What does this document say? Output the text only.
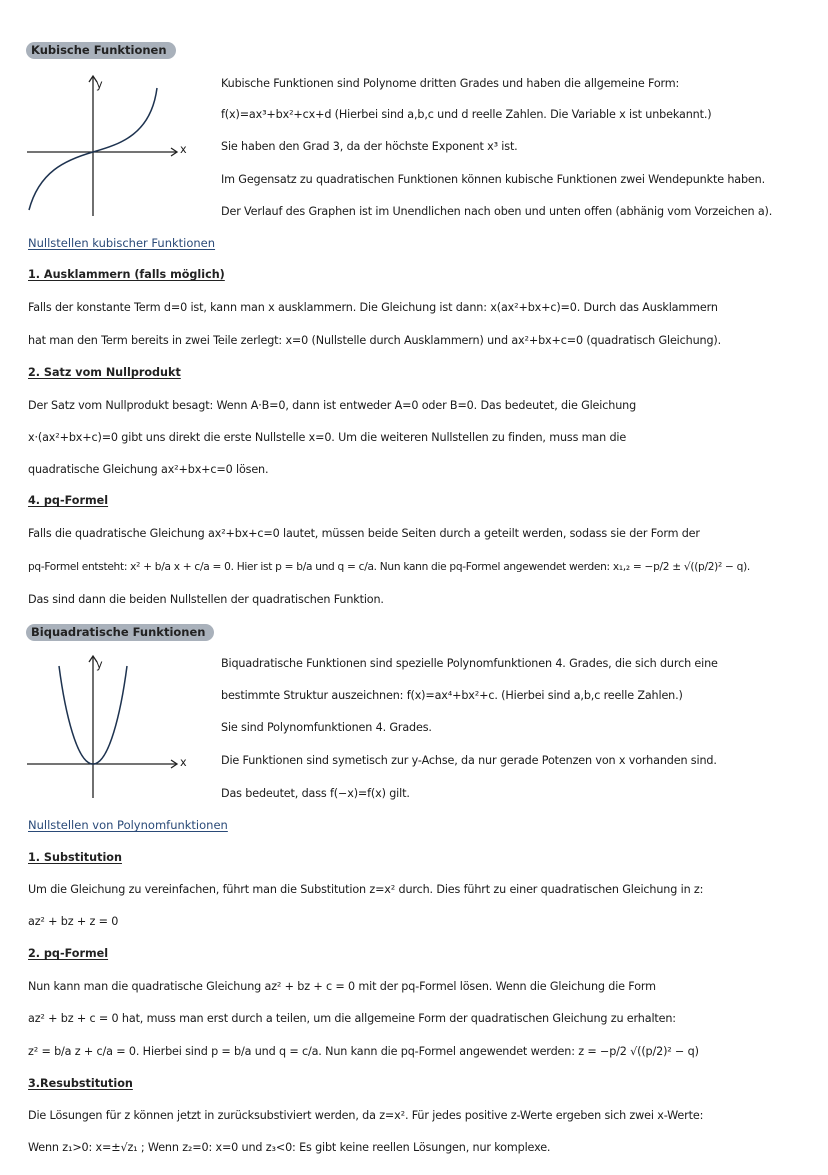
Kubische Funktionen
y
x
Kubische Funktionen sind Polynome dritten Grades und haben die allgemeine Form:
f(x)=ax³+bx²+cx+d (Hierbei sind a,b,c und d reelle Zahlen. Die Variable x ist unbekannt.)
Sie haben den Grad 3, da der höchste Exponent x³ ist.
Im Gegensatz zu quadratischen Funktionen können kubische Funktionen zwei Wendepunkte haben.
Der Verlauf des Graphen ist im Unendlichen nach oben und unten offen (abhänig vom Vorzeichen a).
Nullstellen kubischer Funktionen
1. Ausklammern (falls möglich)
Falls der konstante Term d=0 ist, kann man x ausklammern. Die Gleichung ist dann: x(ax²+bx+c)=0. Durch das Ausklammern
hat man den Term bereits in zwei Teile zerlegt: x=0 (Nullstelle durch Ausklammern) und ax²+bx+c=0 (quadratisch Gleichung).
2. Satz vom Nullprodukt
Der Satz vom Nullprodukt besagt: Wenn A·B=0, dann ist entweder A=0 oder B=0. Das bedeutet, die Gleichung
x·(ax²+bx+c)=0 gibt uns direkt die erste Nullstelle x=0. Um die weiteren Nullstellen zu finden, muss man die
quadratische Gleichung ax²+bx+c=0 lösen.
4. pq-Formel
Falls die quadratische Gleichung ax²+bx+c=0 lautet, müssen beide Seiten durch a geteilt werden, sodass sie der Form der
pq-Formel entsteht: x² + b/a x + c/a = 0. Hier ist p = b/a und q = c/a. Nun kann die pq-Formel angewendet werden: x₁,₂ = −p/2 ± √((p/2)² − q).
Das sind dann die beiden Nullstellen der quadratischen Funktion.
Biquadratische Funktionen
y
x
Biquadratische Funktionen sind spezielle Polynomfunktionen 4. Grades, die sich durch eine
bestimmte Struktur auszeichnen: f(x)=ax⁴+bx²+c. (Hierbei sind a,b,c reelle Zahlen.)
Sie sind Polynomfunktionen 4. Grades.
Die Funktionen sind symetisch zur y-Achse, da nur gerade Potenzen von x vorhanden sind.
Das bedeutet, dass f(−x)=f(x) gilt.
Nullstellen von Polynomfunktionen
1. Substitution
Um die Gleichung zu vereinfachen, führt man die Substitution z=x² durch. Dies führt zu einer quadratischen Gleichung in z:
az² + bz + z = 0
2. pq-Formel
Nun kann man die quadratische Gleichung az² + bz + c = 0 mit der pq-Formel lösen. Wenn die Gleichung die Form
az² + bz + c = 0 hat, muss man erst durch a teilen, um die allgemeine Form der quadratischen Gleichung zu erhalten:
z² = b/a z + c/a = 0. Hierbei sind p = b/a und q = c/a. Nun kann die pq-Formel angewendet werden: z = −p/2 √((p/2)² − q)
3.Resubstitution
Die Lösungen für z können jetzt in zurücksubstiviert werden, da z=x². Für jedes positive z-Werte ergeben sich zwei x-Werte:
Wenn z₁>0: x=±√z₁ ; Wenn z₂=0: x=0 und z₃<0: Es gibt keine reellen Lösungen, nur komplexe.
